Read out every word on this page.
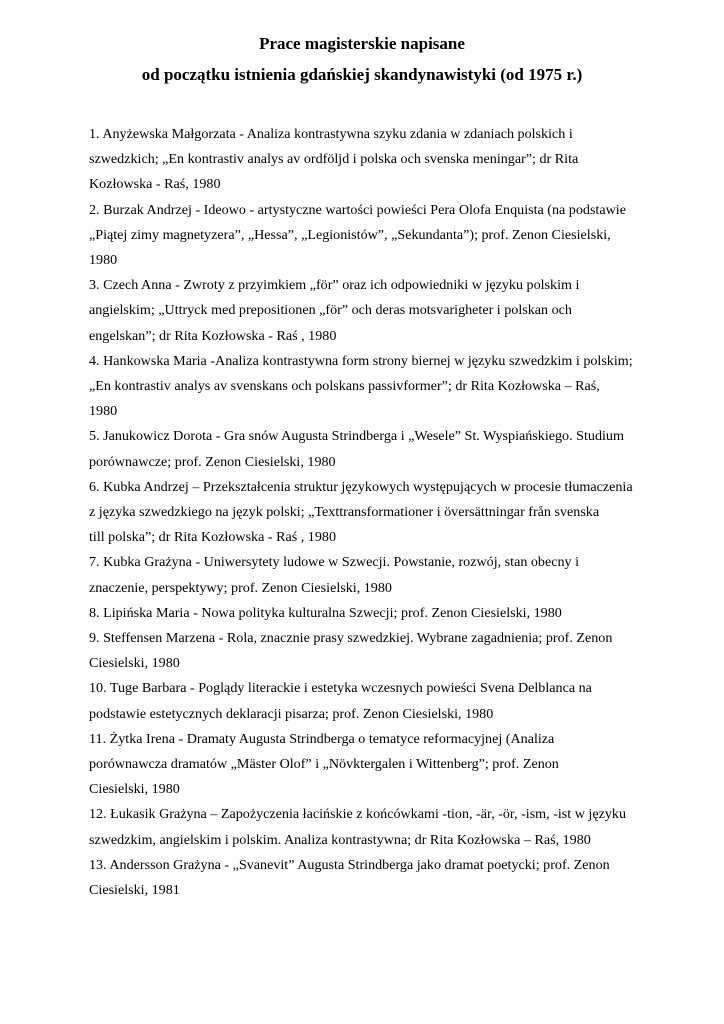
Prace magisterskie napisane
od początku istnienia gdańskiej skandynawistyki (od 1975 r.)
1. Anyżewska Małgorzata - Analiza kontrastywna szyku zdania w zdaniach polskich i
szwedzkich; „En kontrastiv analys av ordföljd i polska och svenska meningar”; dr Rita
Kozłowska - Raś, 1980
2. Burzak Andrzej - Ideowo - artystyczne wartości powieści Pera Olofa Enquista (na podstawie
„Piątej zimy magnetyzera”, „Hessa”, „Legionistów”, „Sekundanta”); prof. Zenon Ciesielski,
1980
3. Czech Anna - Zwroty z przyimkiem „för” oraz ich odpowiedniki w języku polskim i
angielskim; „Uttryck med prepositionen „för” och deras motsvarigheter i polskan och
engelskan”; dr Rita Kozłowska - Raś , 1980
4. Hankowska Maria -Analiza kontrastywna form strony biernej w języku szwedzkim i polskim;
„En kontrastiv analys av svenskans och polskans passivformer”; dr Rita Kozłowska – Raś,
1980
5. Janukowicz Dorota - Gra snów Augusta Strindberga i „Wesele” St. Wyspiańskiego. Studium
porównawcze; prof. Zenon Ciesielski, 1980
6. Kubka Andrzej – Przekształcenia struktur językowych występujących w procesie tłumaczenia
z języka szwedzkiego na język polski; „Texttransformationer i översättningar från svenska
till polska”; dr Rita Kozłowska - Raś , 1980
7. Kubka Grażyna - Uniwersytety ludowe w Szwecji. Powstanie, rozwój, stan obecny i
znaczenie, perspektywy; prof. Zenon Ciesielski, 1980
8. Lipińska Maria - Nowa polityka kulturalna Szwecji; prof. Zenon Ciesielski, 1980
9. Steffensen Marzena - Rola, znacznie prasy szwedzkiej. Wybrane zagadnienia; prof. Zenon
Ciesielski, 1980
10. Tuge Barbara - Poglądy literackie i estetyka wczesnych powieści Svena Delblanca na
podstawie estetycznych deklaracji pisarza; prof. Zenon Ciesielski, 1980
11. Żytka Irena - Dramaty Augusta Strindberga o tematyce reformacyjnej (Analiza
porównawcza dramatów „Mäster Olof” i „Növktergalen i Wittenberg”; prof. Zenon
Ciesielski, 1980
12. Łukasik Grażyna – Zapożyczenia łacińskie z końcówkami -tion, -är, -ör, -ism, -ist w języku
szwedzkim, angielskim i polskim. Analiza kontrastywna; dr Rita Kozłowska – Raś, 1980
13. Andersson Grażyna - „Svanevit” Augusta Strindberga jako dramat poetycki; prof. Zenon
Ciesielski, 1981
